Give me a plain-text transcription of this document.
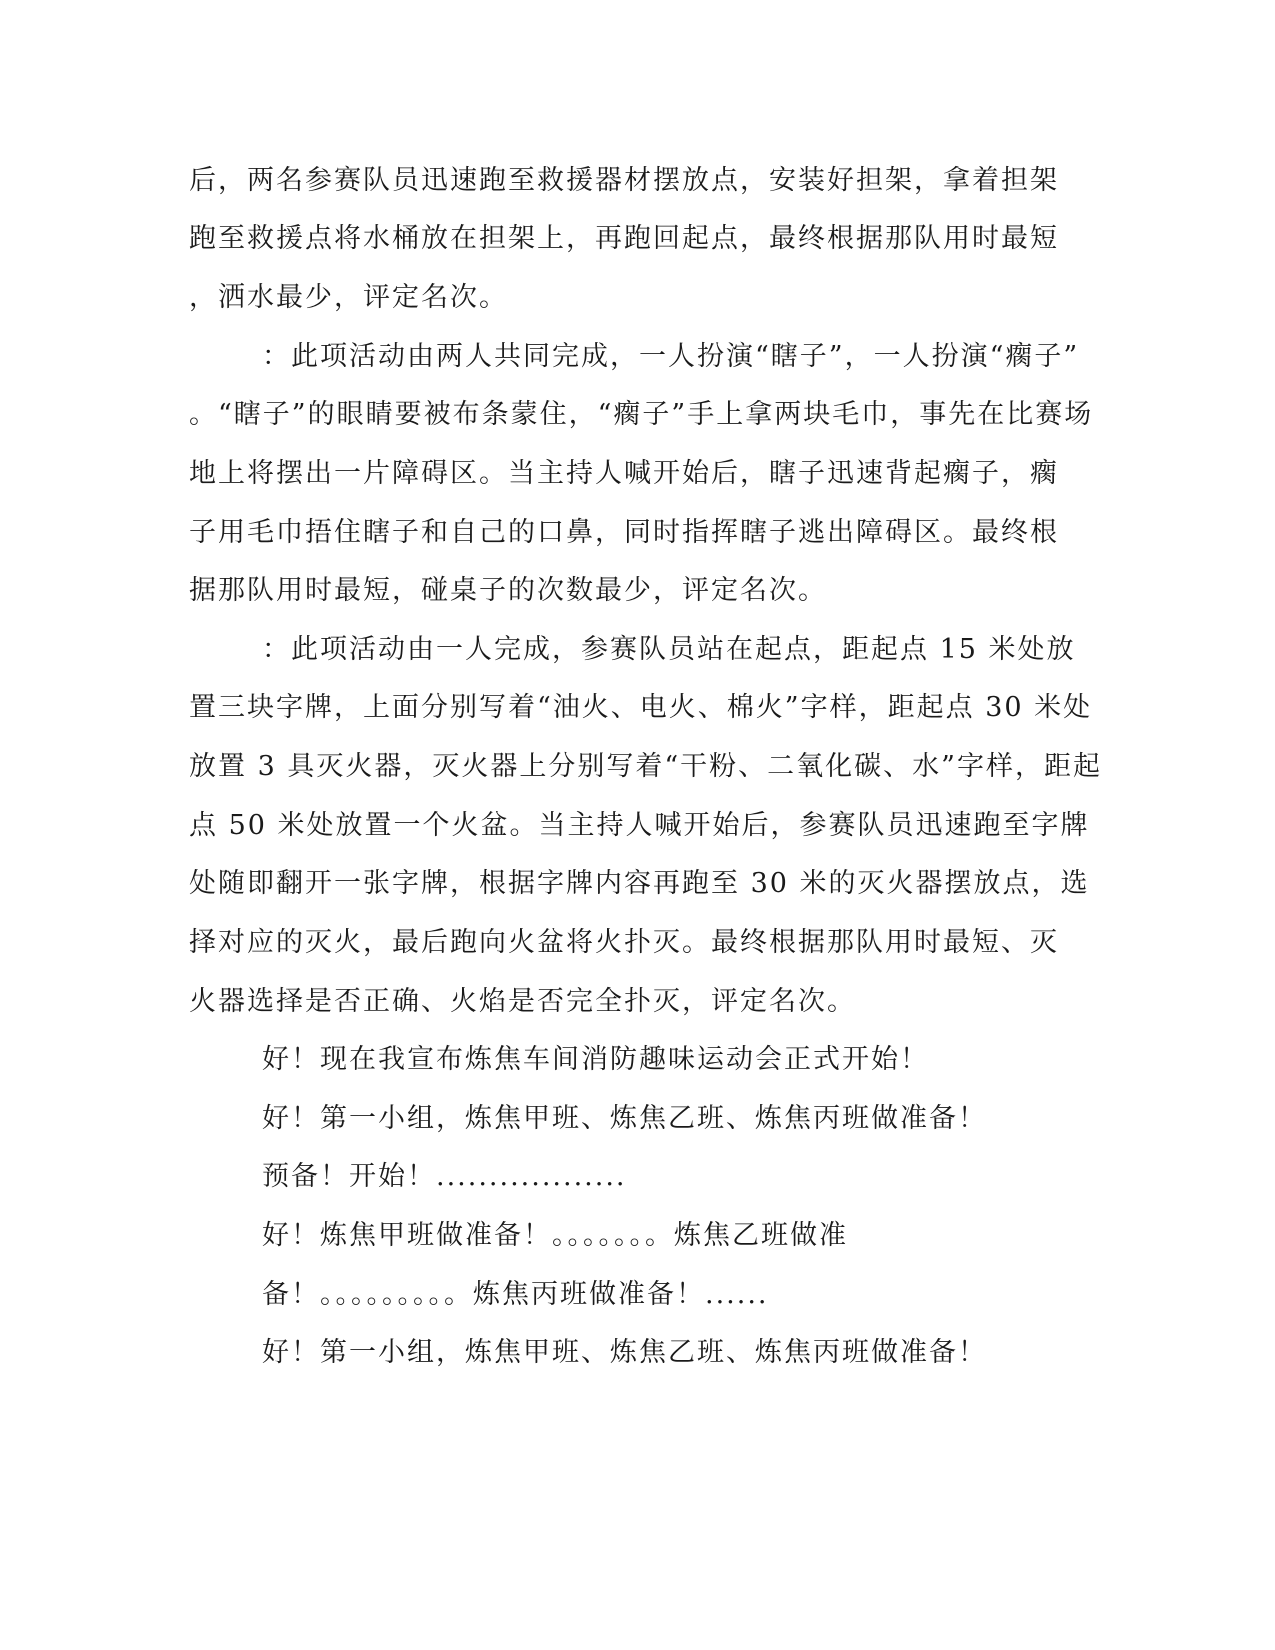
后，两名参赛队员迅速跑至救援器材摆放点，安装好担架，拿着担架
跑至救援点将水桶放在担架上，再跑回起点，最终根据那队用时最短
，洒水最少，评定名次。
：此项活动由两人共同完成，一人扮演“瞎子”，一人扮演“瘸子”
。“瞎子”的眼睛要被布条蒙住，“瘸子”手上拿两块毛巾，事先在比赛场
地上将摆出一片障碍区。当主持人喊开始后，瞎子迅速背起瘸子，瘸
子用毛巾捂住瞎子和自己的口鼻，同时指挥瞎子逃出障碍区。最终根
据那队用时最短，碰桌子的次数最少，评定名次。
：此项活动由一人完成，参赛队员站在起点，距起点 15 米处放
置三块字牌，上面分别写着“油火、电火、棉火”字样，距起点 30 米处
放置 3 具灭火器，灭火器上分别写着“干粉、二氧化碳、水”字样，距起
点 50 米处放置一个火盆。当主持人喊开始后，参赛队员迅速跑至字牌
处随即翻开一张字牌，根据字牌内容再跑至 30 米的灭火器摆放点，选
择对应的灭火，最后跑向火盆将火扑灭。最终根据那队用时最短、灭
火器选择是否正确、火焰是否完全扑灭，评定名次。
好！现在我宣布炼焦车间消防趣味运动会正式开始！
好！第一小组，炼焦甲班、炼焦乙班、炼焦丙班做准备！
预备！开始！..................
好！炼焦甲班做准备！。。。。。。。炼焦乙班做准
备！。。。。。。。。。炼焦丙班做准备！......
好！第一小组，炼焦甲班、炼焦乙班、炼焦丙班做准备！
